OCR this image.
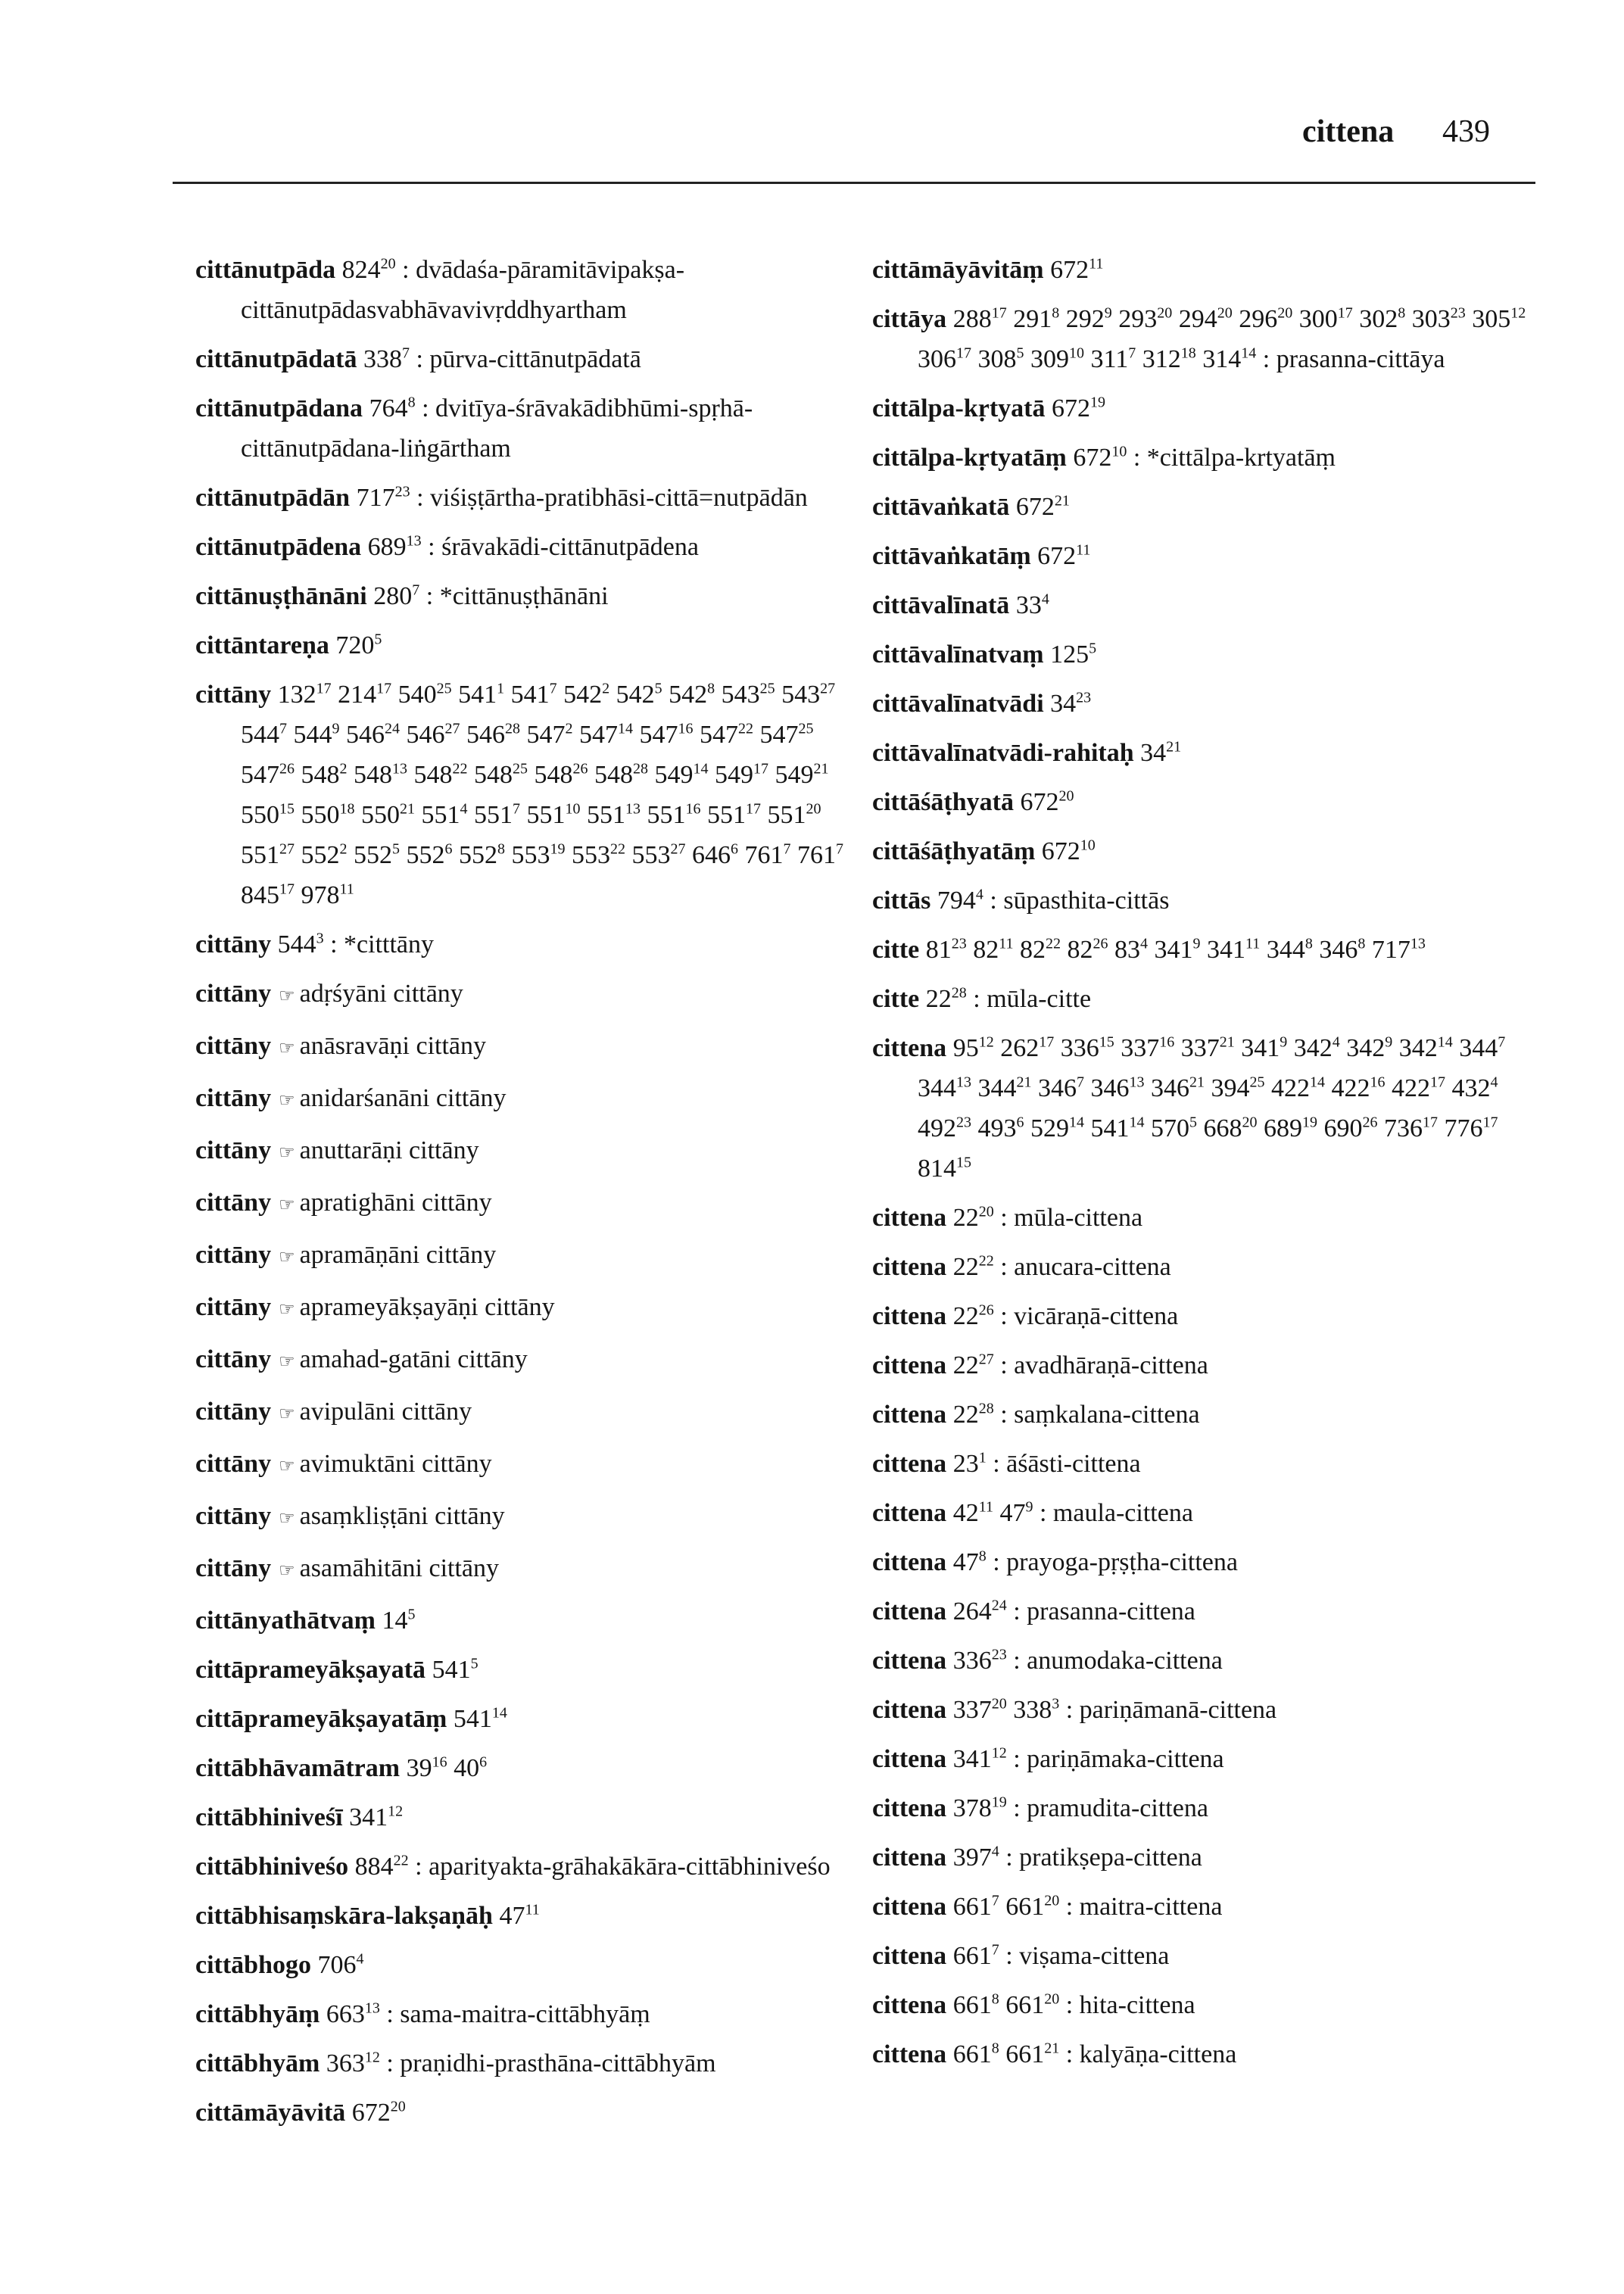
cittena 439
cittānutpāda $824^{20}$ : dvādaśa-pāramitāvipakṣa-cittānutpādasvabhāvavivṛddhyartham
cittānutpādatā $338^7$ : pūrva-cittānutpādatā
cittānutpādana $764^8$ : dvitīya-śrāvakādibhūmi-spṛhā-cittānutpādana-liṅgārtham
cittānutpādān $717^{23}$ : viśiṣṭārtha-pratibhāsi-cittā=nutpādān
cittānutpādena $689^{13}$ : śrāvakādi-cittānutpādena
cittānuṣṭhānāni $280^7$ : *cittānuṣṭhānāni
cittāntareṇa $720^5$
cittāny $132^{17}$ $214^{17}$ $540^{25}$ $541^1$ $541^7$ $542^2$ $542^5$ $542^8$ $543^{25}$ $543^{27}$ $544^7$ $544^9$ $546^{24}$ $546^{27}$ $546^{28}$ $547^2$ $547^{14}$ $547^{16}$ $547^{22}$ $547^{25}$ $547^{26}$ $548^2$ $548^{13}$ $548^{22}$ $548^{25}$ $548^{26}$ $548^{28}$ $549^{14}$ $549^{17}$ $549^{21}$ $550^{15}$ $550^{18}$ $550^{21}$ $551^4$ $551^7$ $551^{10}$ $551^{13}$ $551^{16}$ $551^{17}$ $551^{20}$ $551^{27}$ $552^2$ $552^5$ $552^6$ $552^8$ $553^{19}$ $553^{22}$ $553^{27}$ $646^6$ $761^7$ $761^7$ $845^{17}$ $978^{11}$
cittāny $544^3$ : *citttāny
cittāny ☞ adṛśyāni cittāny
cittāny ☞ anāsravāṇi cittāny
cittāny ☞ anidarśanāni cittāny
cittāny ☞ anuttarāṇi cittāny
cittāny ☞ apratighāni cittāny
cittāny ☞ apramāṇāni cittāny
cittāny ☞ aprameyākṣayāṇi cittāny
cittāny ☞ amahad-gatāni cittāny
cittāny ☞ avipulāni cittāny
cittāny ☞ avimuktāni cittāny
cittāny ☞ asaṃkliṣṭāni cittāny
cittāny ☞ asamāhitāni cittāny
cittānyathātvaṃ $14^5$
cittāprameyākṣayatā $541^5$
cittāprameyākṣayatāṃ $541^{14}$
cittābhāvamātram $39^{16}$ $40^6$
cittābhiniveśī $341^{12}$
cittābhiniveśo $884^{22}$ : aparityakta-grāhakākāra-cittābhiniveśo
cittābhisaṃskāra-lakṣaṇāḥ $47^{11}$
cittābhogo $706^4$
cittābhyāṃ $663^{13}$ : sama-maitra-cittābhyāṃ
cittābhyām $363^{12}$ : praṇidhi-prasthāna-cittābhyām
cittāmāyāvitā $672^{20}$
cittāmāyāvitāṃ $672^{11}$
cittāya $288^{17}$ $291^8$ $292^9$ $293^{20}$ $294^{20}$ $296^{20}$ $300^{17}$ $302^8$ $303^{23}$ $305^{12}$ $306^{17}$ $308^5$ $309^{10}$ $311^7$ $312^{18}$ $314^{14}$ : prasanna-cittāya
cittālpa-kṛtyatā $672^{19}$
cittālpa-kṛtyatāṃ $672^{10}$ : *cittālpa-krtyatāṃ
cittāvaṅkatā $672^{21}$
cittāvaṅkatāṃ $672^{11}$
cittāvalīnatā $33^4$
cittāvalīnatvaṃ $125^5$
cittāvalīnatvādi $34^{23}$
cittāvalīnatvādi-rahitaḥ $34^{21}$
cittāśāṭhyatā $672^{20}$
cittāśāṭhyatāṃ $672^{10}$
cittās $794^4$ : sūpasthita-cittās
citte $81^{23}$ $82^{11}$ $82^{22}$ $82^{26}$ $83^4$ $341^9$ $341^{11}$ $344^8$ $346^8$ $717^{13}$
citte $22^{28}$ : mūla-citte
cittena $95^{12}$ $262^{17}$ $336^{15}$ $337^{16}$ $337^{21}$ $341^9$ $342^4$ $342^9$ $342^{14}$ $344^7$ $344^{13}$ $344^{21}$ $346^7$ $346^{13}$ $346^{21}$ $394^{25}$ $422^{14}$ $422^{16}$ $422^{17}$ $432^4$ $492^{23}$ $493^6$ $529^{14}$ $541^{14}$ $570^5$ $668^{20}$ $689^{19}$ $690^{26}$ $736^{17}$ $776^{17}$ $814^{15}$
cittena $22^{20}$ : mūla-cittena
cittena $22^{22}$ : anucara-cittena
cittena $22^{26}$ : vicāraṇā-cittena
cittena $22^{27}$ : avadhāraṇā-cittena
cittena $22^{28}$ : saṃkalana-cittena
cittena $23^1$ : āśāsti-cittena
cittena $42^{11}$ $47^9$ : maula-cittena
cittena $47^8$ : prayoga-pṛṣṭha-cittena
cittena $264^{24}$ : prasanna-cittena
cittena $336^{23}$ : anumodaka-cittena
cittena $337^{20}$ $338^3$ : pariṇāmanā-cittena
cittena $341^{12}$ : pariṇāmaka-cittena
cittena $378^{19}$ : pramudita-cittena
cittena $397^4$ : pratikṣepa-cittena
cittena $661^7$ $661^{20}$ : maitra-cittena
cittena $661^7$ : viṣama-cittena
cittena $661^8$ $661^{20}$ : hita-cittena
cittena $661^8$ $661^{21}$ : kalyāṇa-cittena
